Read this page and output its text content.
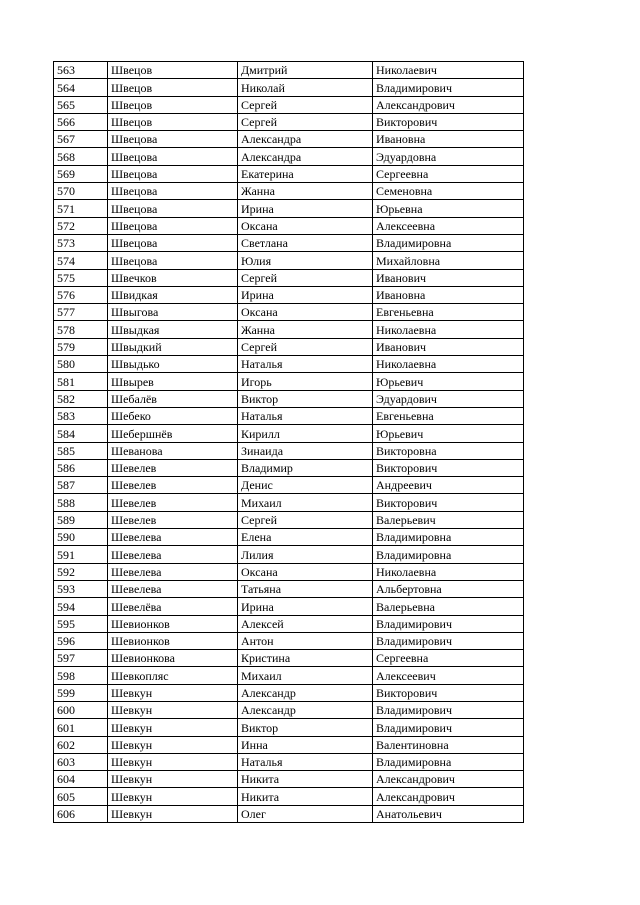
563	Швецов	Дмитрий	Николаевич
564	Швецов	Николай	Владимирович
565	Швецов	Сергей	Александрович
566	Швецов	Сергей	Викторович
567	Швецова	Александра	Ивановна
568	Швецова	Александра	Эдуардовна
569	Швецова	Екатерина	Сергеевна
570	Швецова	Жанна	Семеновна
571	Швецова	Ирина	Юрьевна
572	Швецова	Оксана	Алексеевна
573	Швецова	Светлана	Владимировна
574	Швецова	Юлия	Михайловна
575	Швечков	Сергей	Иванович
576	Швидкая	Ирина	Ивановна
577	Швыгова	Оксана	Евгеньевна
578	Швыдкая	Жанна	Николаевна
579	Швыдкий	Сергей	Иванович
580	Швыдько	Наталья	Николаевна
581	Швырев	Игорь	Юрьевич
582	Шебалёв	Виктор	Эдуардович
583	Шебеко	Наталья	Евгеньевна
584	Шебершнёв	Кирилл	Юрьевич
585	Шеванова	Зинаида	Викторовна
586	Шевелев	Владимир	Викторович
587	Шевелев	Денис	Андреевич
588	Шевелев	Михаил	Викторович
589	Шевелев	Сергей	Валерьевич
590	Шевелева	Елена	Владимировна
591	Шевелева	Лилия	Владимировна
592	Шевелева	Оксана	Николаевна
593	Шевелева	Татьяна	Альбертовна
594	Шевелёва	Ирина	Валерьевна
595	Шевионков	Алексей	Владимирович
596	Шевионков	Антон	Владимирович
597	Шевионкова	Кристина	Сергеевна
598	Шевкопляс	Михаил	Алексеевич
599	Шевкун	Александр	Викторович
600	Шевкун	Александр	Владимирович
601	Шевкун	Виктор	Владимирович
602	Шевкун	Инна	Валентиновна
603	Шевкун	Наталья	Владимировна
604	Шевкун	Никита	Александрович
605	Шевкун	Никита	Александрович
606	Шевкун	Олег	Анатольевич
